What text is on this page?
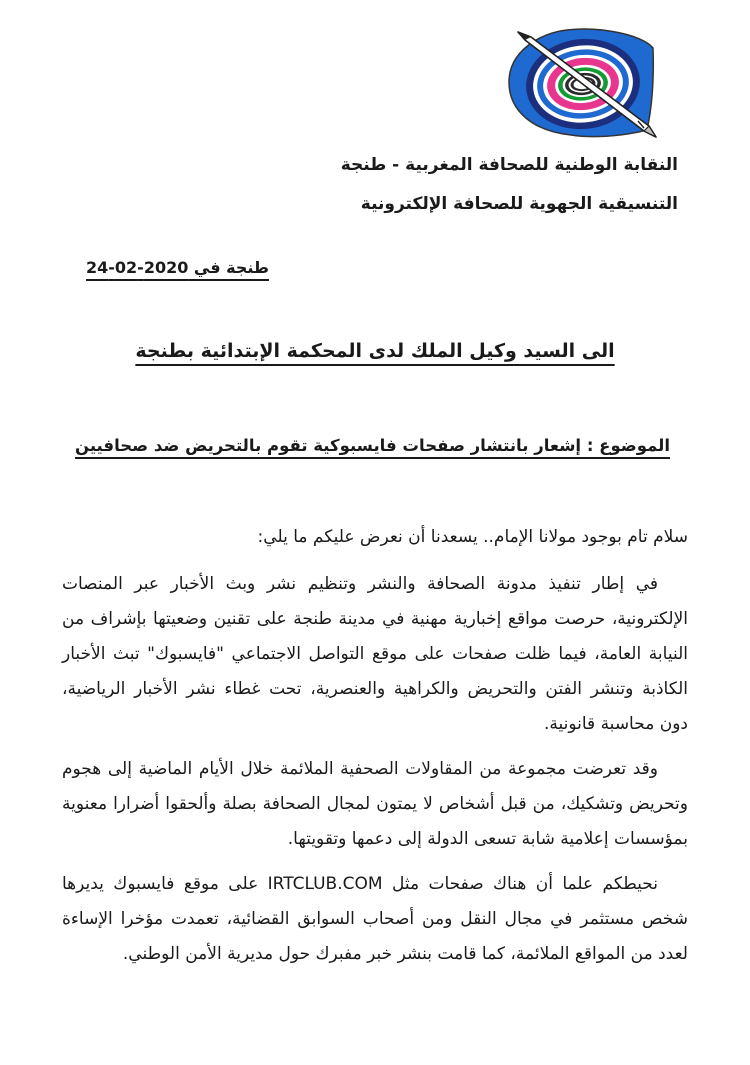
النقابة الوطنية للصحافة المغربية - طنجة
التنسيقية الجهوية للصحافة الإلكترونية
طنجة في 2020-02-24
الى السيد وكيل الملك لدى المحكمة الإبتدائية بطنجة
الموضوع : إشعار بانتشار صفحات فايسبوكية تقوم بالتحريض ضد صحافيين

سلام تام بوجود مولانا الإمام.. يسعدنا أن نعرض عليكم ما يلي:

في إطار تنفيذ مدونة الصحافة والنشر وتنظيم نشر وبث الأخبار عبر المنصات الإلكترونية، حرصت مواقع إخبارية مهنية في مدينة طنجة على تقنين وضعيتها بإشراف من النيابة العامة، فيما ظلت صفحات على موقع التواصل الاجتماعي "فايسبوك" تبث الأخبار الكاذبة وتنشر الفتن والتحريض والكراهية والعنصرية، تحت غطاء نشر الأخبار الرياضية، دون محاسبة قانونية.

وقد تعرضت مجموعة من المقاولات الصحفية الملائمة خلال الأيام الماضية إلى هجوم وتحريض وتشكيك، من قبل أشخاص لا يمتون لمجال الصحافة بصلة وألحقوا أضرارا معنوية بمؤسسات إعلامية شابة تسعى الدولة إلى دعمها وتقويتها.

نحيطكم علما أن هناك صفحات مثل IRTCLUB.COM على موقع فايسبوك يديرها شخص مستثمر في مجال النقل ومن أصحاب السوابق القضائية، تعمدت مؤخرا الإساءة لعدد من المواقع الملائمة، كما قامت بنشر خبر مفبرك حول مديرية الأمن الوطني.
